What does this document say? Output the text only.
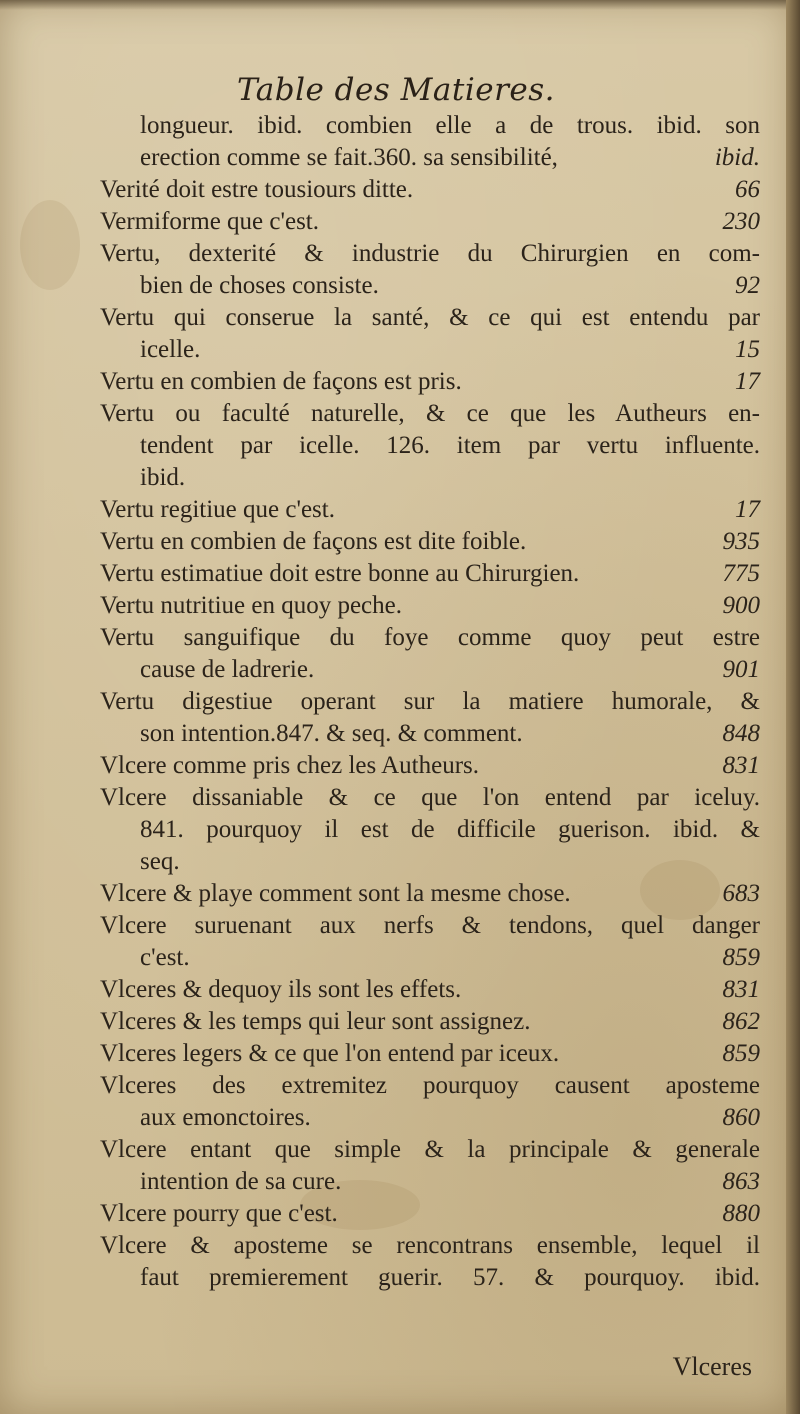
Table des Matieres.
longueur. ibid. combien elle a de trous. ibid. son
erection comme se fait.360. sa sensibilité,	ibid.
Verité doit estre tousiours ditte.	66
Vermiforme que c'est.	230
Vertu, dexterité & industrie du Chirurgien en com-
bien de choses consiste.	92
Vertu qui conserue la santé, & ce qui est entendu par
icelle.	15
Vertu en combien de façons est pris.	17
Vertu ou faculté naturelle, & ce que les Autheurs en-
tendent par icelle. 126. item par vertu influente.
ibid.
Vertu regitiue que c'est.	17
Vertu en combien de façons est dite foible.	935
Vertu estimatiue doit estre bonne au Chirurgien.	775
Vertu nutritiue en quoy peche.	900
Vertu sanguifique du foye comme quoy peut estre
cause de ladrerie.	901
Vertu digestiue operant sur la matiere humorale, &
son intention.847. & seq. & comment.	848
Vlcere comme pris chez les Autheurs.	831
Vlcere dissaniable & ce que l'on entend par iceluy.
841. pourquoy il est de difficile guerison. ibid. &
seq.
Vlcere & playe comment sont la mesme chose.	683
Vlcere suruenant aux nerfs & tendons, quel danger
c'est.	859
Vlceres & dequoy ils sont les effets.	831
Vlceres & les temps qui leur sont assignez.	862
Vlceres legers & ce que l'on entend par iceux.	859
Vlceres des extremitez pourquoy causent aposteme
aux emonctoires.	860
Vlcere entant que simple & la principale & generale
intention de sa cure.	863
Vlcere pourry que c'est.	880
Vlcere & aposteme se rencontrans ensemble, lequel il
faut premierement guerir. 57. & pourquoy. ibid.
Vlceres
